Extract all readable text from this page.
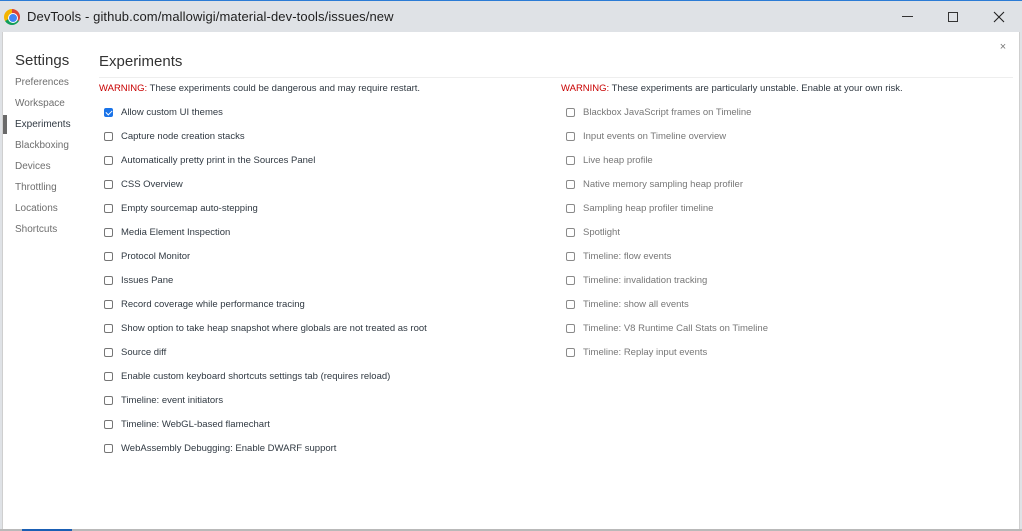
DevTools - github.com/mallowigi/material-dev-tools/issues/new
×
Settings
Preferences
Workspace
Experiments
Blackboxing
Devices
Throttling
Locations
Shortcuts
Experiments
WARNING: These experiments could be dangerous and may require restart.
Allow custom UI themes
Capture node creation stacks
Automatically pretty print in the Sources Panel
CSS Overview
Empty sourcemap auto-stepping
Media Element Inspection
Protocol Monitor
Issues Pane
Record coverage while performance tracing
Show option to take heap snapshot where globals are not treated as root
Source diff
Enable custom keyboard shortcuts settings tab (requires reload)
Timeline: event initiators
Timeline: WebGL-based flamechart
WebAssembly Debugging: Enable DWARF support
WARNING: These experiments are particularly unstable. Enable at your own risk.
Blackbox JavaScript frames on Timeline
Input events on Timeline overview
Live heap profile
Native memory sampling heap profiler
Sampling heap profiler timeline
Spotlight
Timeline: flow events
Timeline: invalidation tracking
Timeline: show all events
Timeline: V8 Runtime Call Stats on Timeline
Timeline: Replay input events
